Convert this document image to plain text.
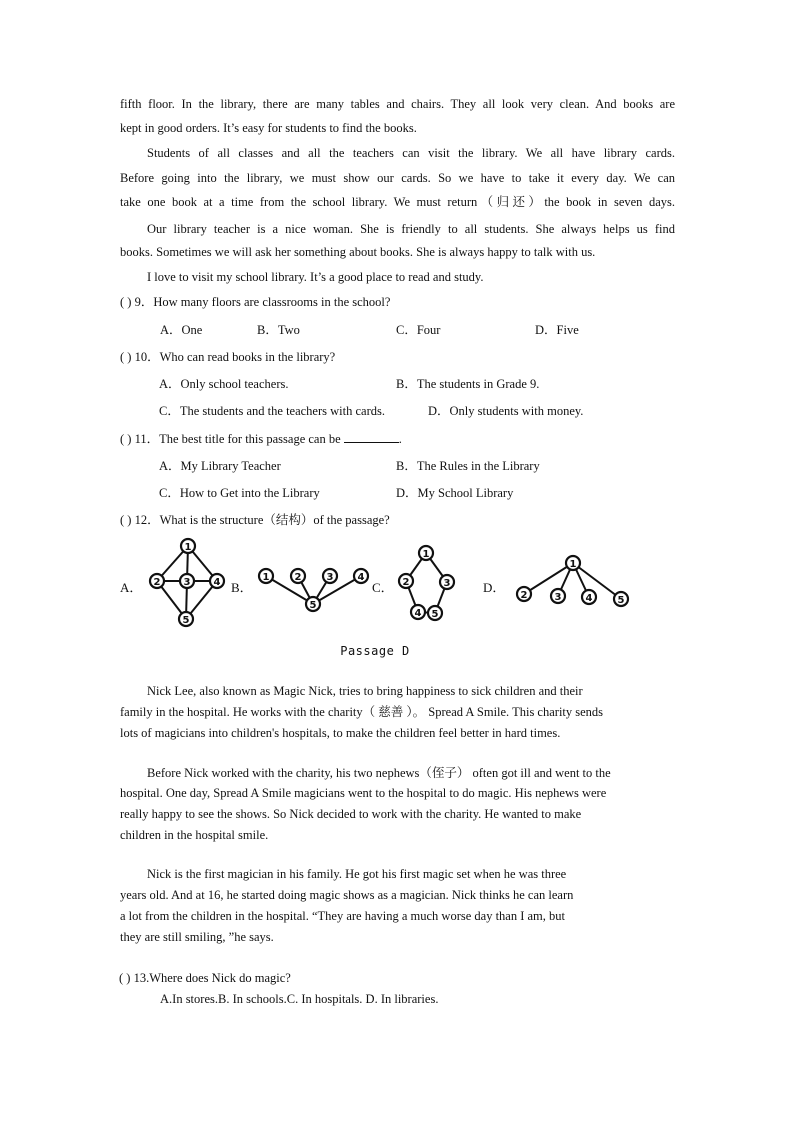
fifth floor. In the library, there are many tables and chairs. They all look very clean. And books are
kept in good orders. It’s easy for students to find the books.
Students of all classes and all the teachers can visit the library. We all have library cards.
Before going into the library, we must show our cards. So we have to take it every day. We can
take one book at a time from the school library. We must return（归还）the book in seven days.
Our library teacher is a nice woman. She is friendly to all students. She always helps us find
books. Sometimes we will ask her something about books. She is always happy to talk with us.
I love to visit my school library. It’s a good place to read and study.
( ) 9．How many floors are classrooms in the school?
A．One	B．Two	C．Four	D．Five
( ) 10．Who can read books in the library?
A．Only school teachers.	B．The students in Grade 9.
C．The students and the teachers with cards.	D．Only students with money.
( ) 11．The best title for this passage can be	.
A．My Library Teacher	B．The Rules in the Library
C．How to Get into the Library	D．My School Library
( ) 12．What is the structure（结构）of the passage?
A．	B．	C．	D．
1
2 3 4
5
1	2	3 4
5
1
2	3
4 5
1
2	3 4	5
Passage D
Nick Lee, also known as Magic Nick, tries to bring happiness to sick children and their
family in the hospital. He works with the charity（ 慈善 ）。 Spread A Smile. This charity sends
lots of magicians into children's hospitals, to make the children feel better in hard times.
Before Nick worked with the charity, his two nephews（侄子） often got ill and went to the
hospital. One day, Spread A Smile magicians went to the hospital to do magic. His nephews were
really happy to see the shows. So Nick decided to work with the charity. He wanted to make
children in the hospital smile.
Nick is the first magician in his family. He got his first magic set when he was three
years old. And at 16, he started doing magic shows as a magician. Nick thinks he can learn
a lot from the children in the hospital. “They are having a much worse day than I am, but
they are still smiling, ”he says.
( ) 13.Where does Nick do magic?
A.In stores.B. In schools.C. In hospitals. D. In libraries.
